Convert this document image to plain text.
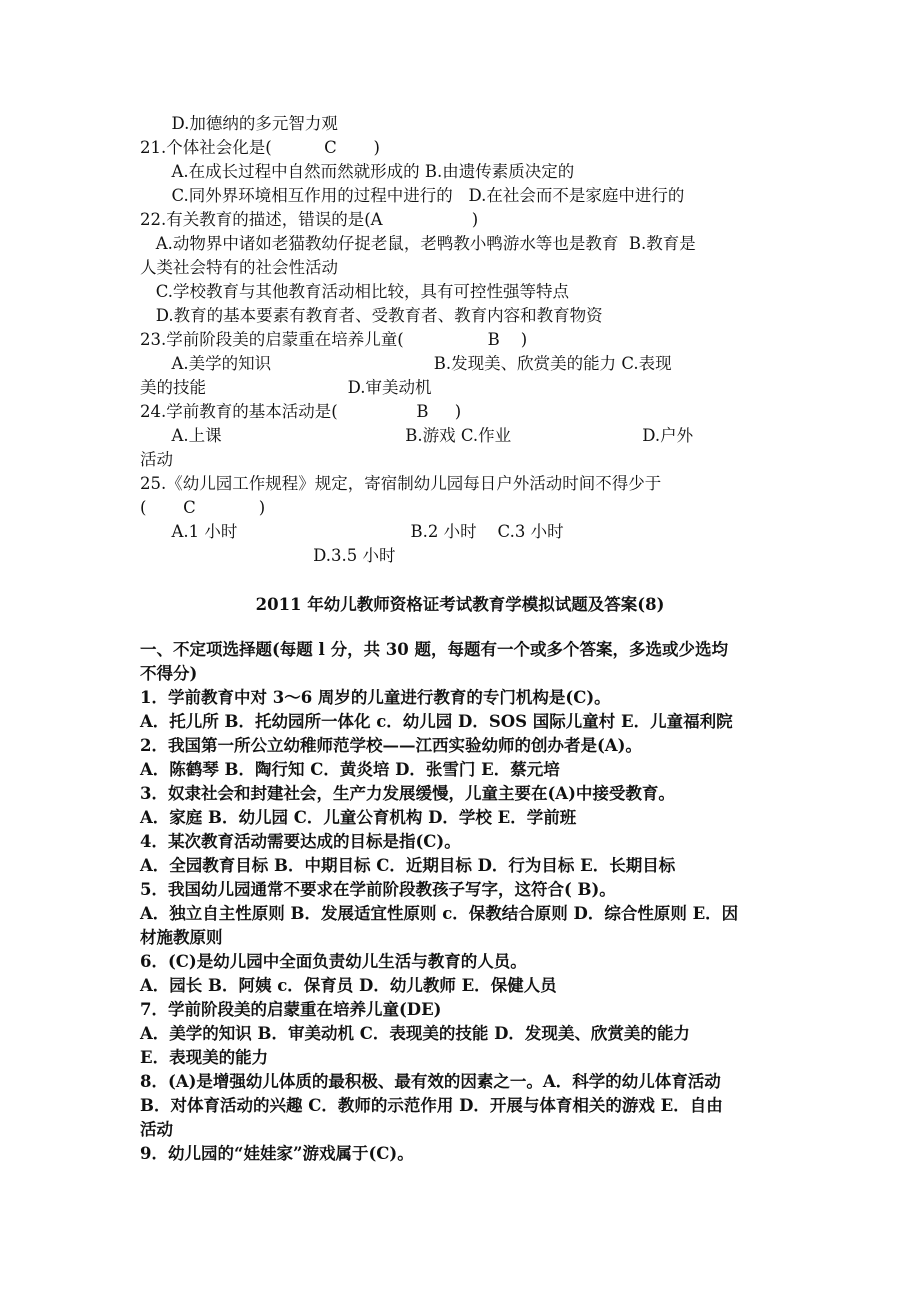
D.加德纳的多元智力观
21.个体社会化是(          C       )
A.在成长过程中自然而然就形成的 B.由遗传素质决定的
C.同外界环境相互作用的过程中进行的   D.在社会而不是家庭中进行的
22.有关教育的描述，错误的是(A                 )
A.动物界中诸如老猫教幼仔捉老鼠，老鸭教小鸭游水等也是教育  B.教育是
人类社会特有的社会性活动
C.学校教育与其他教育活动相比较，具有可控性强等特点
D.教育的基本要素有教育者、受教育者、教育内容和教育物资
23.学前阶段美的启蒙重在培养儿童(                B    )
A.美学的知识                               B.发现美、欣赏美的能力 C.表现
美的技能                           D.审美动机
24.学前教育的基本活动是(               B     )
A.上课                                   B.游戏 C.作业                         D.户外
活动
25.《幼儿园工作规程》规定，寄宿制幼儿园每日户外活动时间不得少于
(       C            )
A.1 小时                                 B.2 小时    C.3 小时
D.3.5 小时
2011 年幼儿教师资格证考试教育学模拟试题及答案(8)
一、不定项选择题(每题 l 分，共 30 题，每题有一个或多个答案，多选或少选均
不得分)
1．学前教育中对 3～6 周岁的儿童进行教育的专门机构是(C)。
A．托儿所 B．托幼园所一体化 c．幼儿园 D．SOS 国际儿童村 E．儿童福利院
2．我国第一所公立幼稚师范学校——江西实验幼师的创办者是(A)。
A．陈鹤琴 B．陶行知 C．黄炎培 D．张雪门 E．蔡元培
3．奴隶社会和封建社会，生产力发展缓慢，儿童主要在(A)中接受教育。
A．家庭 B．幼儿园 C．儿童公育机构 D．学校 E．学前班
4．某次教育活动需要达成的目标是指(C)。
A．全园教育目标 B．中期目标 C．近期目标 D．行为目标 E．长期目标
5．我国幼儿园通常不要求在学前阶段教孩子写字，这符合( B)。
A．独立自主性原则 B．发展适宜性原则 c．保教结合原则 D．综合性原则 E．因
材施教原则
6．(C)是幼儿园中全面负责幼儿生活与教育的人员。
A．园长 B．阿姨 c．保育员 D．幼儿教师 E．保健人员
7．学前阶段美的启蒙重在培养儿童(DE)
A．美学的知识 B．审美动机 C．表现美的技能 D．发现美、欣赏美的能力
E．表现美的能力
8．(A)是增强幼儿体质的最积极、最有效的因素之一。A．科学的幼儿体育活动
B．对体育活动的兴趣 C．教师的示范作用 D．开展与体育相关的游戏 E．自由
活动
9．幼儿园的“娃娃家”游戏属于(C)。
